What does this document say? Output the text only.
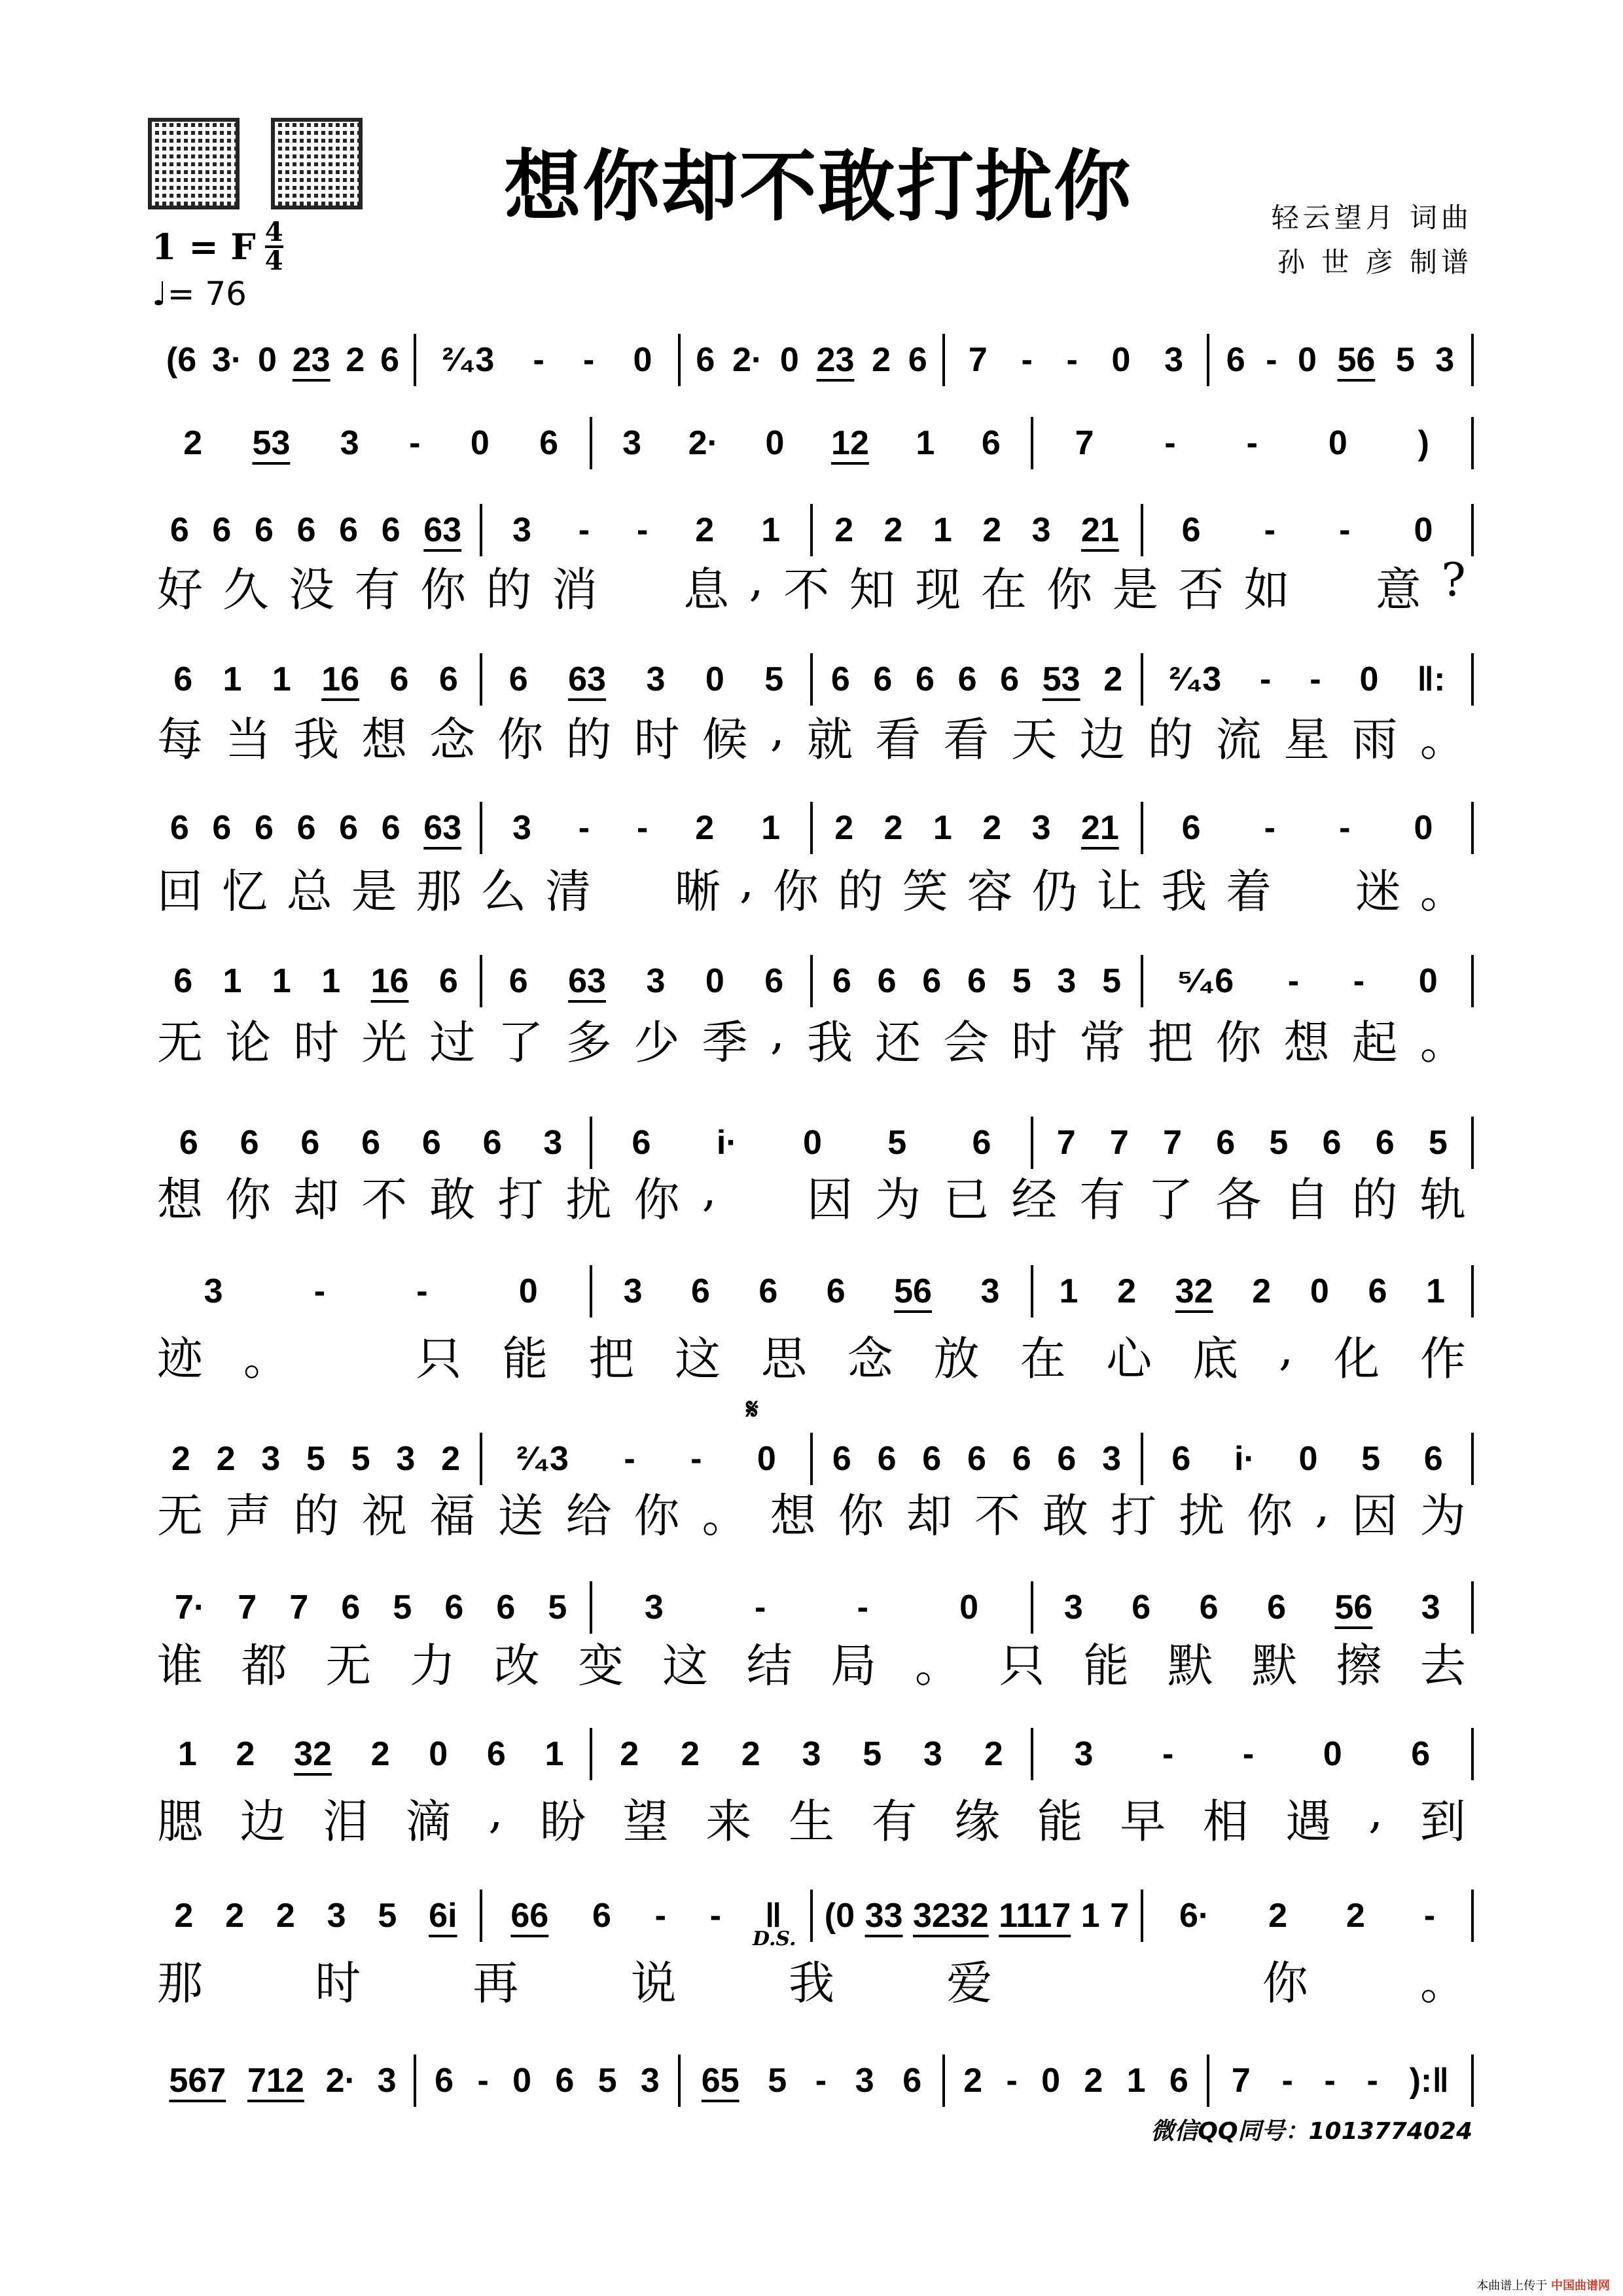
想你却不敢打扰你	轻云望月 词曲
孙 世 彦 制谱
1 = F $\frac{4}{4}$
♩= 76
(6 3· 0 23 2 6 ²⁄₄3 - - 0 6 2· 0 23 2 6 7 - - 0 3 6 - 0 56 5 3
2 53 3 - 0 6 3 2· 0 12 1 6 7 - - 0 )
6 6 6 6 6 6 63 3 - - 2 1 2 2 1 2 3 21 6 - - 0
好 久 没 有 你 的 消
　 息 , 不 知 现 在 你 是 否 如
　 意 ?
6 1 1 16 6 6 6 63 3 0 5 6 6 6 6 6 53 2 ²⁄₄3 - - 0 ‖:
每 当 我 想 念 你 的 时 候 , 就 看 看 天 边 的 流 星 雨 。
6 6 6 6 6 6 63 3 - - 2 1 2 2 1 2 3 21 6 - - 0
回 忆 总 是 那 么 清
　 晰 , 你 的 笑 容 仍 让 我 着
　 迷 。
6 1 1 1 16 6 6 63 3 0 6 6 6 6 6 5 3 5 ⁵⁄₄6 - - 0
无 论 时 光 过 了 多 少 季 , 我 还 会 时 常 把 你 想 起 。
6 6 6 6 6 6 3 6 i· 0 5 6 7 7 7 6 5 6 6 5
想 你 却 不 敢 打 扰 你 ,
　 因 为 已 经 有 了 各 自 的 轨
3	-	-	0	3 6 6 6 56 3 1 2 32 2 0 6 1
迹 。
　	只 能 把 这 思 念 放 在 心 底 , 化 作
2 2 3 5 5 3 2 ²⁄₄3 - - 0 6 6 6 6 6 6 3 6 i· 0 5 6
无 声 的 祝 福 送 给 你 。 想 你 却 不 敢 打 扰 你 , 因 为
7· 7 7 6 5 6 6 5 3	-	-	0	3 6 6 6 56 3
谁 都 无 力 改 变 这 结 局 。 只 能 默 默 擦 去
1 2 32 2 0 6 1 2 2 2 3 5 3 2 3 - - 0 6
腮 边 泪 滴 , 盼 望 来 生 有 缘 能 早 相 遇 , 到
2 2 2 3 5 6i 66 6 - - ‖ (0 33 3232 1117 1 7 6· 2 2 -
那 时 再 说 我 爱
　	你 。
567 712 2· 3 6 - 0 6 5 3 65 5 - 3 6 2 - 0 2 1 6 7 - - - ):‖
𝄋
D.S.
微信QQ同号：1013774024
本曲谱上传于 中国曲谱网
